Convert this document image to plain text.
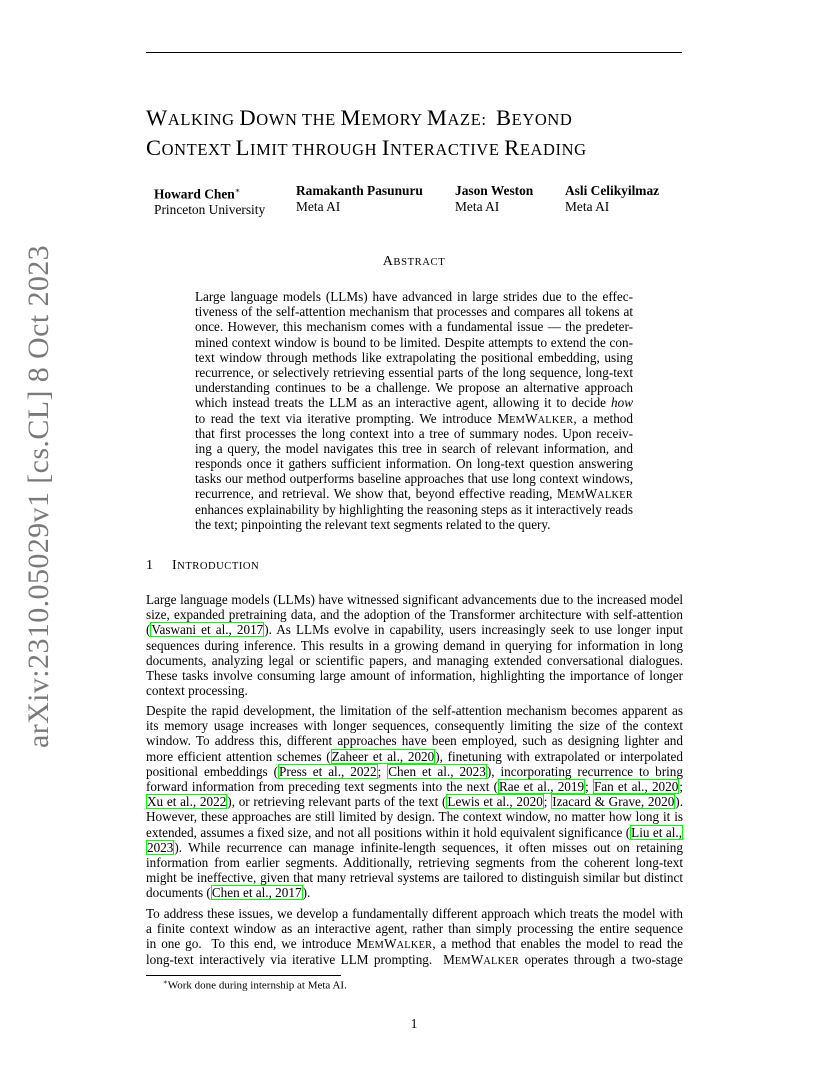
arXiv:2310.05029v1 [cs.CL] 8 Oct 2023
WALKING DOWN THE MEMORY MAZE:  BEYOND
CONTEXT LIMIT THROUGH INTERACTIVE READING
Howard Chen∗
Princeton University
Ramakanth Pasunuru
Meta AI
Jason Weston
Meta AI
Asli Celikyilmaz
Meta AI
ABSTRACT
Large language models (LLMs) have advanced in large strides due to the effec-
tiveness of the self-attention mechanism that processes and compares all tokens at
once. However, this mechanism comes with a fundamental issue — the predeter-
mined context window is bound to be limited. Despite attempts to extend the con-
text window through methods like extrapolating the positional embedding, using
recurrence, or selectively retrieving essential parts of the long sequence, long-text
understanding continues to be a challenge. We propose an alternative approach
which instead treats the LLM as an interactive agent, allowing it to decide how
to read the text via iterative prompting. We introduce MEMWALKER, a method
that first processes the long context into a tree of summary nodes. Upon receiv-
ing a query, the model navigates this tree in search of relevant information, and
responds once it gathers sufficient information. On long-text question answering
tasks our method outperforms baseline approaches that use long context windows,
recurrence, and retrieval. We show that, beyond effective reading, MEMWALKER
enhances explainability by highlighting the reasoning steps as it interactively reads
the text; pinpointing the relevant text segments related to the query.
1 INTRODUCTION
Large language models (LLMs) have witnessed significant advancements due to the increased model
size, expanded pretraining data, and the adoption of the Transformer architecture with self-attention
(Vaswani et al., 2017). As LLMs evolve in capability, users increasingly seek to use longer input
sequences during inference. This results in a growing demand in querying for information in long
documents, analyzing legal or scientific papers, and managing extended conversational dialogues.
These tasks involve consuming large amount of information, highlighting the importance of longer
context processing.
Despite the rapid development, the limitation of the self-attention mechanism becomes apparent as
its memory usage increases with longer sequences, consequently limiting the size of the context
window. To address this, different approaches have been employed, such as designing lighter and
more efficient attention schemes (Zaheer et al., 2020), finetuning with extrapolated or interpolated
positional embeddings (Press et al., 2022; Chen et al., 2023), incorporating recurrence to bring
forward information from preceding text segments into the next (Rae et al., 2019; Fan et al., 2020;
Xu et al., 2022), or retrieving relevant parts of the text (Lewis et al., 2020; Izacard & Grave, 2020).
However, these approaches are still limited by design. The context window, no matter how long it is
extended, assumes a fixed size, and not all positions within it hold equivalent significance (Liu et al.,
2023). While recurrence can manage infinite-length sequences, it often misses out on retaining
information from earlier segments. Additionally, retrieving segments from the coherent long-text
might be ineffective, given that many retrieval systems are tailored to distinguish similar but distinct
documents (Chen et al., 2017).
To address these issues, we develop a fundamentally different approach which treats the model with
a finite context window as an interactive agent, rather than simply processing the entire sequence
in one go.  To this end, we introduce MEMWALKER, a method that enables the model to read the
long-text interactively via iterative LLM prompting.  MEMWALKER operates through a two-stage
∗Work done during internship at Meta AI.
1
